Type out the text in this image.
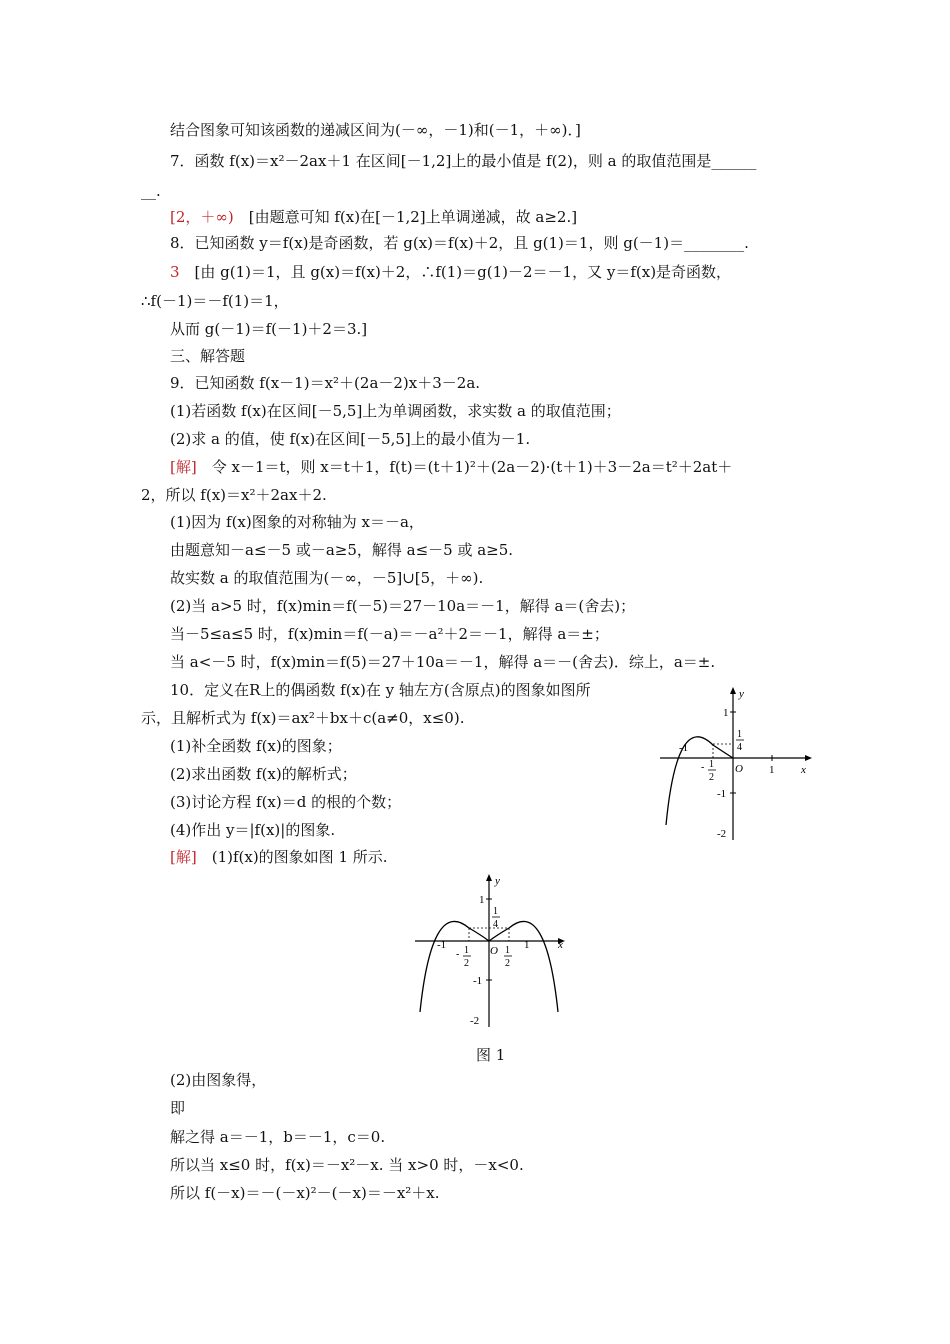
结合图象可知该函数的递减区间为(－∞，－1)和(－1，＋∞)．]
7．函数 f(x)＝x²－2ax＋1 在区间[－1,2]上的最小值是 f(2)，则 a 的取值范围是______
__.
[2，＋∞)　[由题意可知 f(x)在[－1,2]上单调递减，故 a≥2.]
8．已知函数 y＝f(x)是奇函数，若 g(x)＝f(x)＋2，且 g(1)＝1，则 g(－1)＝________.
3　[由 g(1)＝1，且 g(x)＝f(x)＋2，∴f(1)＝g(1)－2＝－1，又 y＝f(x)是奇函数，
∴f(－1)＝－f(1)＝1，
从而 g(－1)＝f(－1)＋2＝3.]
三、解答题
9．已知函数 f(x－1)＝x²＋(2a－2)x＋3－2a.
(1)若函数 f(x)在区间[－5,5]上为单调函数，求实数 a 的取值范围；
(2)求 a 的值，使 f(x)在区间[－5,5]上的最小值为－1.
[解]　令 x－1＝t，则 x＝t＋1，f(t)＝(t＋1)²＋(2a－2)·(t＋1)＋3－2a＝t²＋2at＋
2，所以 f(x)＝x²＋2ax＋2.
(1)因为 f(x)图象的对称轴为 x＝－a，
由题意知－a≤－5 或－a≥5，解得 a≤－5 或 a≥5.
故实数 a 的取值范围为(－∞，－5]∪[5，＋∞).
(2)当 a>5 时，f(x)min＝f(－5)＝27－10a＝－1，解得 a＝(舍去)；
当－5≤a≤5 时，f(x)min＝f(－a)＝－a²＋2＝－1，解得 a＝±；
当 a<－5 时，f(x)min＝f(5)＝27＋10a＝－1，解得 a＝－(舍去)．综上，a＝±.
10．定义在R上的偶函数 f(x)在 y 轴左方(含原点)的图象如图所
示，且解析式为 f(x)＝ax²＋bx＋c(a≠0，x≤0).
(1)补全函数 f(x)的图象；
(2)求出函数 f(x)的解析式；
(3)讨论方程 f(x)＝d 的根的个数；
(4)作出 y＝|f(x)|的图象.
[解]　(1)f(x)的图象如图 1 所示.
(2)由图象得，
即
解之得 a＝－1，b＝－1，c＝0.
所以当 x≤0 时，f(x)＝－x²－x. 当 x>0 时，－x<0.
所以 f(－x)＝－(－x)²－(－x)＝－x²＋x.
y
x
O
1
-1
-2
1
-1
1
4
- 1
2
y
x
O
1
-1
-2
-1	1
1
4
- 1
2
1
2
图 1
